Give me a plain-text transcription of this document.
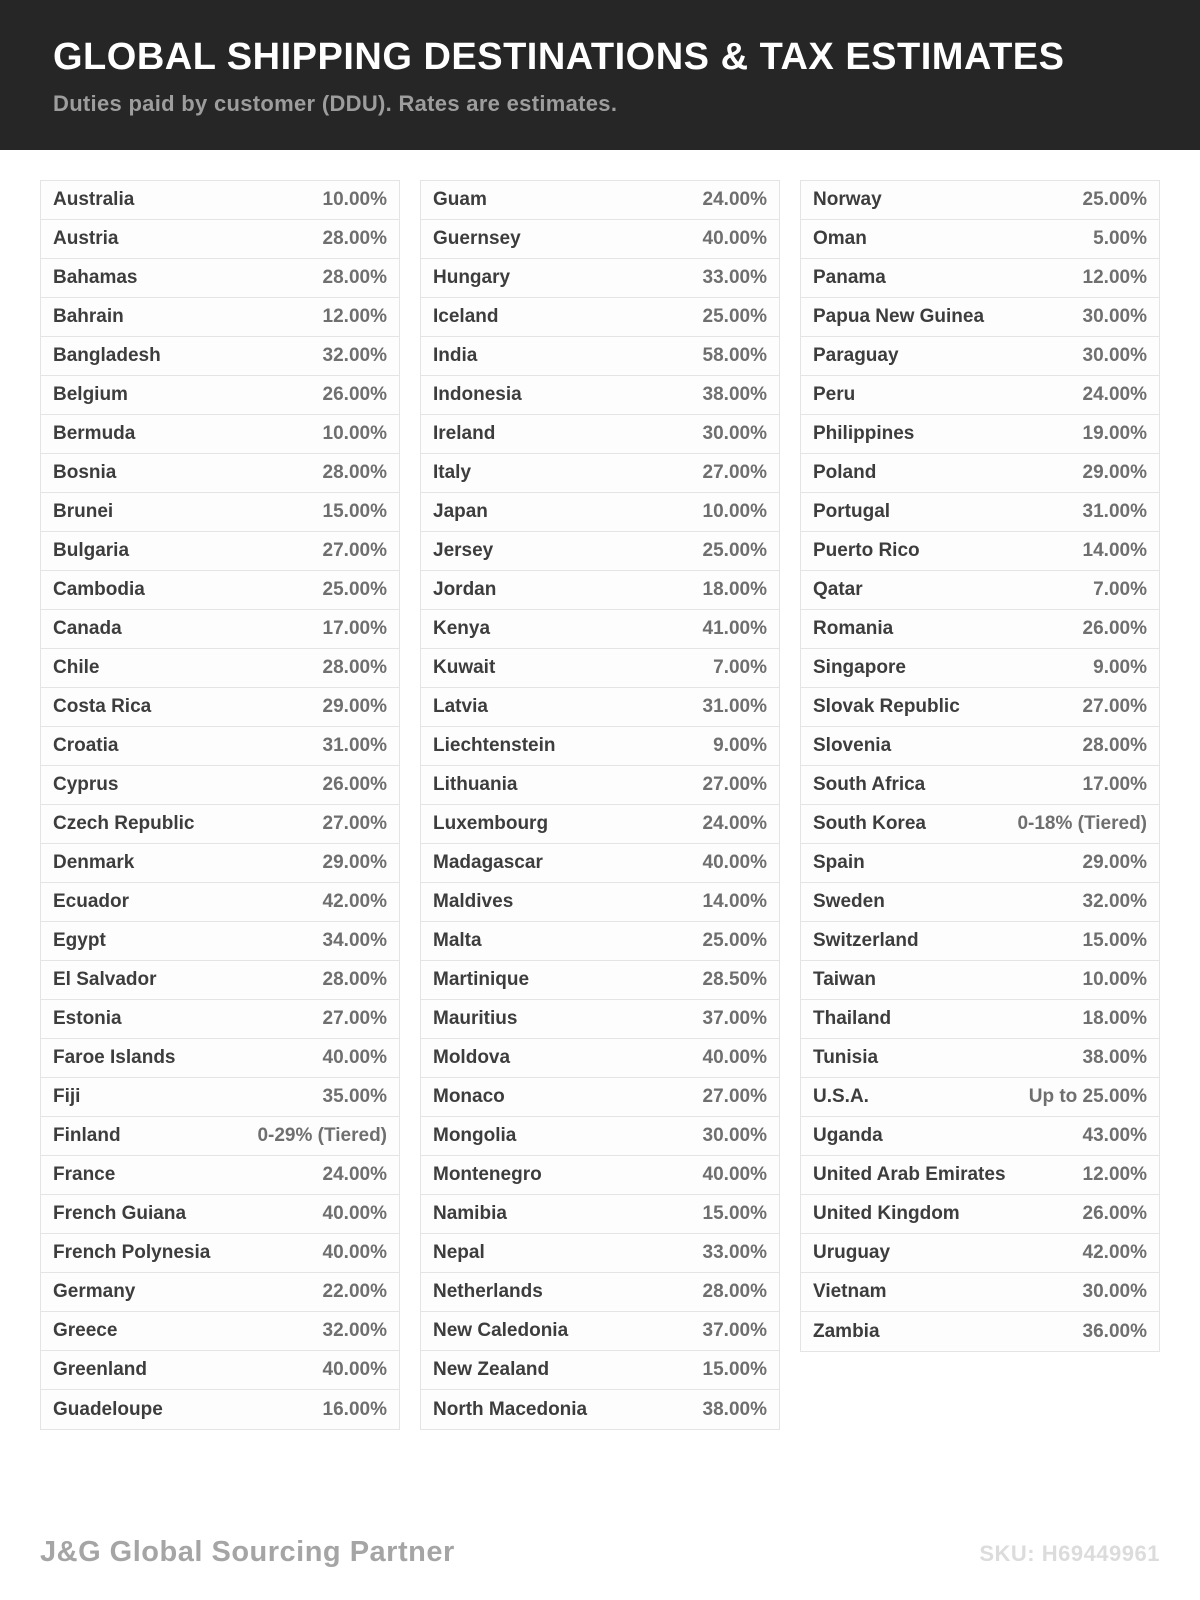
GLOBAL SHIPPING DESTINATIONS & TAX ESTIMATES
Duties paid by customer (DDU). Rates are estimates.
Australia	10.00%
Austria	28.00%
Bahamas	28.00%
Bahrain	12.00%
Bangladesh	32.00%
Belgium	26.00%
Bermuda	10.00%
Bosnia	28.00%
Brunei	15.00%
Bulgaria	27.00%
Cambodia	25.00%
Canada	17.00%
Chile	28.00%
Costa Rica	29.00%
Croatia	31.00%
Cyprus	26.00%
Czech Republic	27.00%
Denmark	29.00%
Ecuador	42.00%
Egypt	34.00%
El Salvador	28.00%
Estonia	27.00%
Faroe Islands	40.00%
Fiji	35.00%
Finland	0-29% (Tiered)
France	24.00%
French Guiana	40.00%
French Polynesia	40.00%
Germany	22.00%
Greece	32.00%
Greenland	40.00%
Guadeloupe	16.00%
Guam	24.00%
Guernsey	40.00%
Hungary	33.00%
Iceland	25.00%
India	58.00%
Indonesia	38.00%
Ireland	30.00%
Italy	27.00%
Japan	10.00%
Jersey	25.00%
Jordan	18.00%
Kenya	41.00%
Kuwait	7.00%
Latvia	31.00%
Liechtenstein	9.00%
Lithuania	27.00%
Luxembourg	24.00%
Madagascar	40.00%
Maldives	14.00%
Malta	25.00%
Martinique	28.50%
Mauritius	37.00%
Moldova	40.00%
Monaco	27.00%
Mongolia	30.00%
Montenegro	40.00%
Namibia	15.00%
Nepal	33.00%
Netherlands	28.00%
New Caledonia	37.00%
New Zealand	15.00%
North Macedonia	38.00%
Norway	25.00%
Oman	5.00%
Panama	12.00%
Papua New Guinea	30.00%
Paraguay	30.00%
Peru	24.00%
Philippines	19.00%
Poland	29.00%
Portugal	31.00%
Puerto Rico	14.00%
Qatar	7.00%
Romania	26.00%
Singapore	9.00%
Slovak Republic	27.00%
Slovenia	28.00%
South Africa	17.00%
South Korea	0-18% (Tiered)
Spain	29.00%
Sweden	32.00%
Switzerland	15.00%
Taiwan	10.00%
Thailand	18.00%
Tunisia	38.00%
U.S.A.	Up to 25.00%
Uganda	43.00%
United Arab Emirates	12.00%
United Kingdom	26.00%
Uruguay	42.00%
Vietnam	30.00%
Zambia	36.00%
J&G Global Sourcing Partner	SKU: H69449961
